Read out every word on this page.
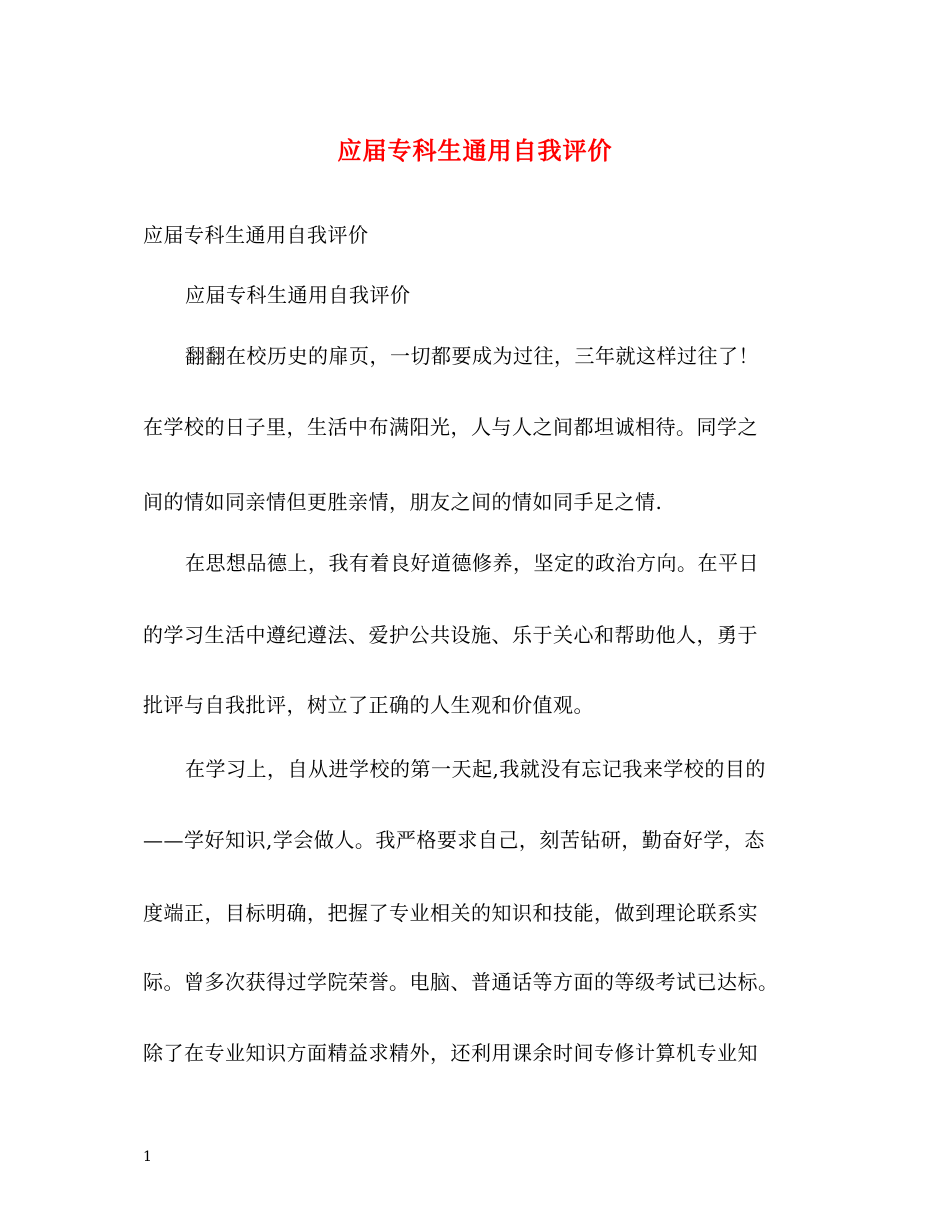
应届专科生通用自我评价
应届专科生通用自我评价
应届专科生通用自我评价
翻翻在校历史的扉页，一切都要成为过往，三年就这样过往了！
在学校的日子里，生活中布满阳光，人与人之间都坦诚相待。同学之
间的情如同亲情但更胜亲情，朋友之间的情如同手足之情.
在思想品德上，我有着良好道德修养，坚定的政治方向。在平日
的学习生活中遵纪遵法、爱护公共设施、乐于关心和帮助他人，勇于
批评与自我批评，树立了正确的人生观和价值观。
在学习上，自从进学校的第一天起,我就没有忘记我来学校的目的
——学好知识,学会做人。我严格要求自己，刻苦钻研，勤奋好学，态
度端正，目标明确，把握了专业相关的知识和技能，做到理论联系实
际。曾多次获得过学院荣誉。电脑、普通话等方面的等级考试已达标。
除了在专业知识方面精益求精外，还利用课余时间专修计算机专业知
1
